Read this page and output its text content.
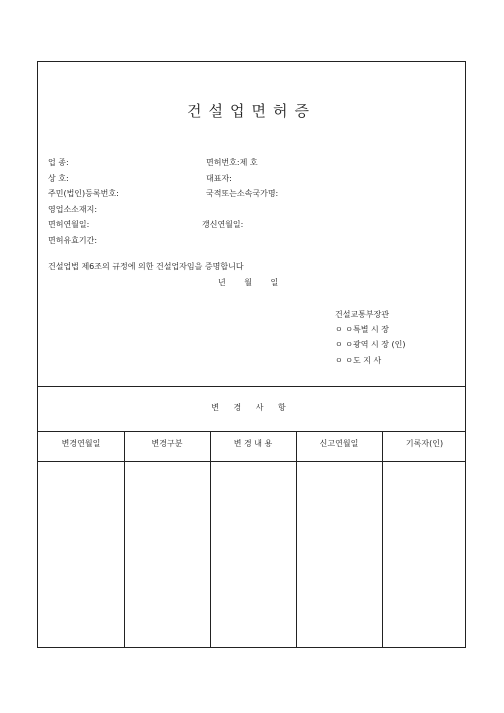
건설업면허증
업 종:	면허번호:제 호
상 호:	대표자:
주민(법인)등록번호:	국적또는소속국가명:
영업소소재지:
면허연월일:	갱신연월일:
면허유효기간:
건설업법 제6조의 규정에 의한 건설업자임을 증명합니다
년 월 일
건설교통부장관
ㅇ ㅇ특별 시 장
ㅇ ㅇ광역 시 장 (인)
ㅇ ㅇ도 지 사
변 경 사 항
변경연월일	변경구분	변 경 내 용	신고연월일	기록자(인)
